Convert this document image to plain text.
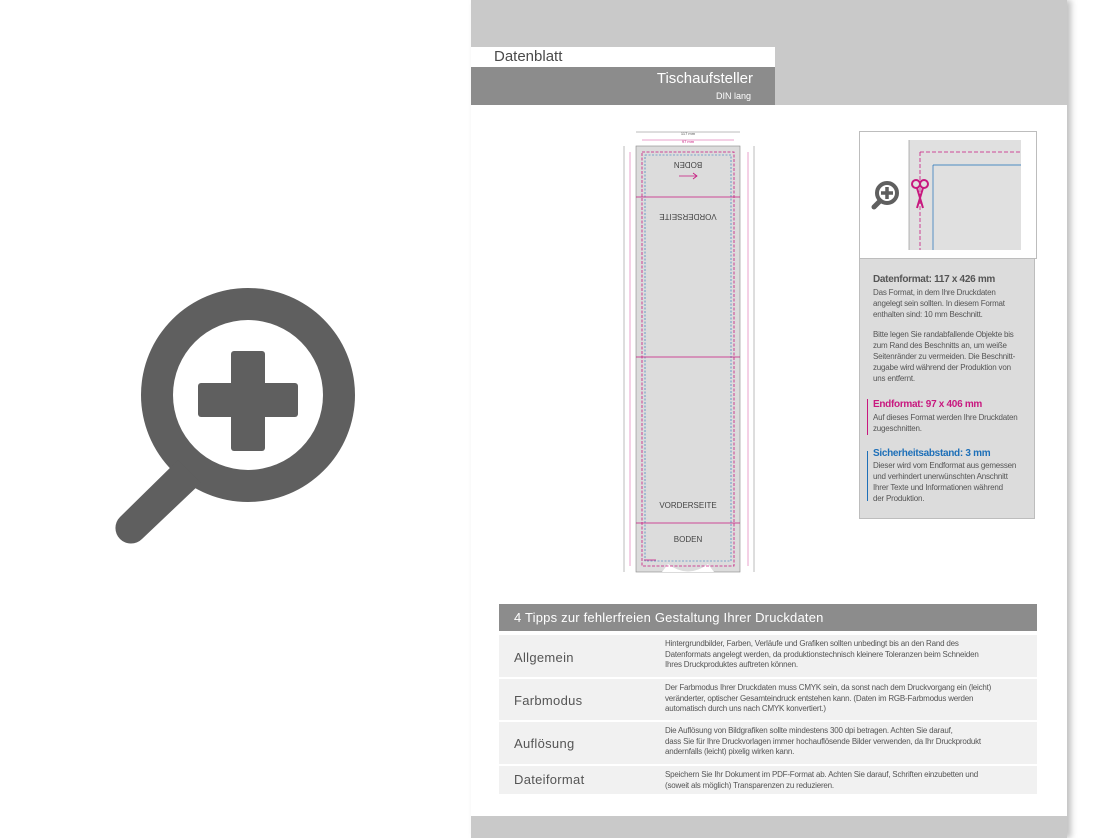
Datenblatt
Tischaufsteller
DIN lang
117 mm
97 mm
BODEN
VORDERSEITE
VORDERSEITE
BODEN
Datenformat: 117 x 426 mm
Das Format, in dem Ihre Druckdaten
angelegt sein sollten. In diesem Format
enthalten sind: 10 mm Beschnitt.
Bitte legen Sie randabfallende Objekte bis
zum Rand des Beschnitts an, um weiße
Seitenränder zu vermeiden. Die Beschnitt-
zugabe wird während der Produktion von
uns entfernt.
Endformat: 97 x 406 mm
Auf dieses Format werden Ihre Druckdaten
zugeschnitten.
Sicherheitsabstand: 3 mm
Dieser wird vom Endformat aus gemessen
und verhindert unerwünschten Anschnitt
Ihrer Texte und Informationen während
der Produktion.
4 Tipps zur fehlerfreien Gestaltung Ihrer Druckdaten
Allgemein
Hintergrundbilder, Farben, Verläufe und Grafiken sollten unbedingt bis an den Rand des
Datenformats angelegt werden, da produktionstechnisch kleinere Toleranzen beim Schneiden
Ihres Druckproduktes auftreten können.
Farbmodus
Der Farbmodus Ihrer Druckdaten muss CMYK sein, da sonst nach dem Druckvorgang ein (leicht)
veränderter, optischer Gesamteindruck entstehen kann. (Daten im RGB-Farbmodus werden
automatisch durch uns nach CMYK konvertiert.)
Auflösung
Die Auflösung von Bildgrafiken sollte mindestens 300 dpi betragen. Achten Sie darauf,
dass Sie für Ihre Druckvorlagen immer hochauflösende Bilder verwenden, da Ihr Druckprodukt
andernfalls (leicht) pixelig wirken kann.
Dateiformat	Speichern Sie Ihr Dokument im PDF-Format ab. Achten Sie darauf, Schriften einzubetten und
(soweit als möglich) Transparenzen zu reduzieren.
